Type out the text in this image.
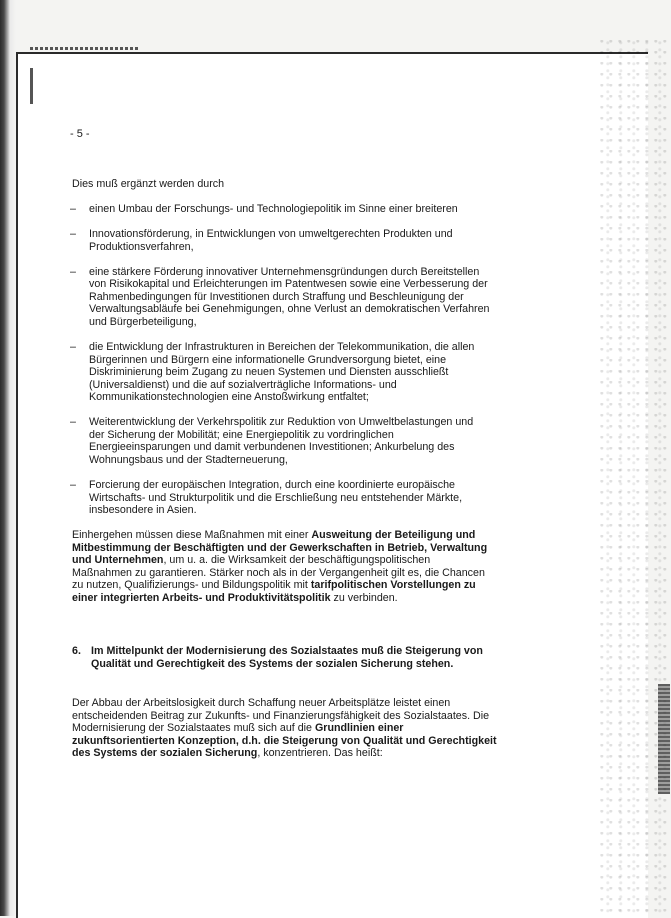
- 5 -
Dies muß ergänzt werden durch
– einen Umbau der Forschungs- und Technologiepolitik im Sinne einer breiteren
– Innovationsförderung, in Entwicklungen von umweltgerechten Produkten und Produktionsverfahren,
– eine stärkere Förderung innovativer Unternehmensgründungen durch Bereitstellen von Risikokapital und Erleichterungen im Patentwesen sowie eine Verbesserung der Rahmenbedingungen für Investitionen durch Straffung und Beschleunigung der Verwaltungsabläufe bei Genehmigungen, ohne Verlust an demokratischen Verfahren und Bürgerbeteiligung,
– die Entwicklung der Infrastrukturen in Bereichen der Telekommunikation, die allen Bürgerinnen und Bürgern eine informationelle Grundversorgung bietet, eine Diskriminierung beim Zugang zu neuen Systemen und Diensten ausschließt (Universaldienst) und die auf sozialverträgliche Informations- und Kommunikationstechnologien eine Anstoßwirkung entfaltet;
– Weiterentwicklung der Verkehrspolitik zur Reduktion von Umweltbelastungen und der Sicherung der Mobilität; eine Energiepolitik zu vordringlichen Energieeinsparungen und damit verbundenen Investitionen; Ankurbelung des Wohnungsbaus und der Stadterneuerung,
– Forcierung der europäischen Integration, durch eine koordinierte europäische Wirtschafts- und Strukturpolitik und die Erschließung neu entstehender Märkte, insbesondere in Asien.
Einhergehen müssen diese Maßnahmen mit einer Ausweitung der Beteiligung und Mitbestimmung der Beschäftigten und der Gewerkschaften in Betrieb, Verwaltung und Unternehmen, um u. a. die Wirksamkeit der beschäftigungspolitischen Maßnahmen zu garantieren. Stärker noch als in der Vergangenheit gilt es, die Chancen zu nutzen, Qualifizierungs- und Bildungspolitik mit tarifpolitischen Vorstellungen zu einer integrierten Arbeits- und Produktivitätspolitik zu verbinden.
6. Im Mittelpunkt der Modernisierung des Sozialstaates muß die Steigerung von Qualität und Gerechtigkeit des Systems der sozialen Sicherung stehen.
Der Abbau der Arbeitslosigkeit durch Schaffung neuer Arbeitsplätze leistet einen entscheidenden Beitrag zur Zukunfts- und Finanzierungsfähigkeit des Sozialstaates. Die Modernisierung der Sozialstaates muß sich auf die Grundlinien einer zukunftsorientierten Konzeption, d.h. die Steigerung von Qualität und Gerechtigkeit des Systems der sozialen Sicherung, konzentrieren. Das heißt:
